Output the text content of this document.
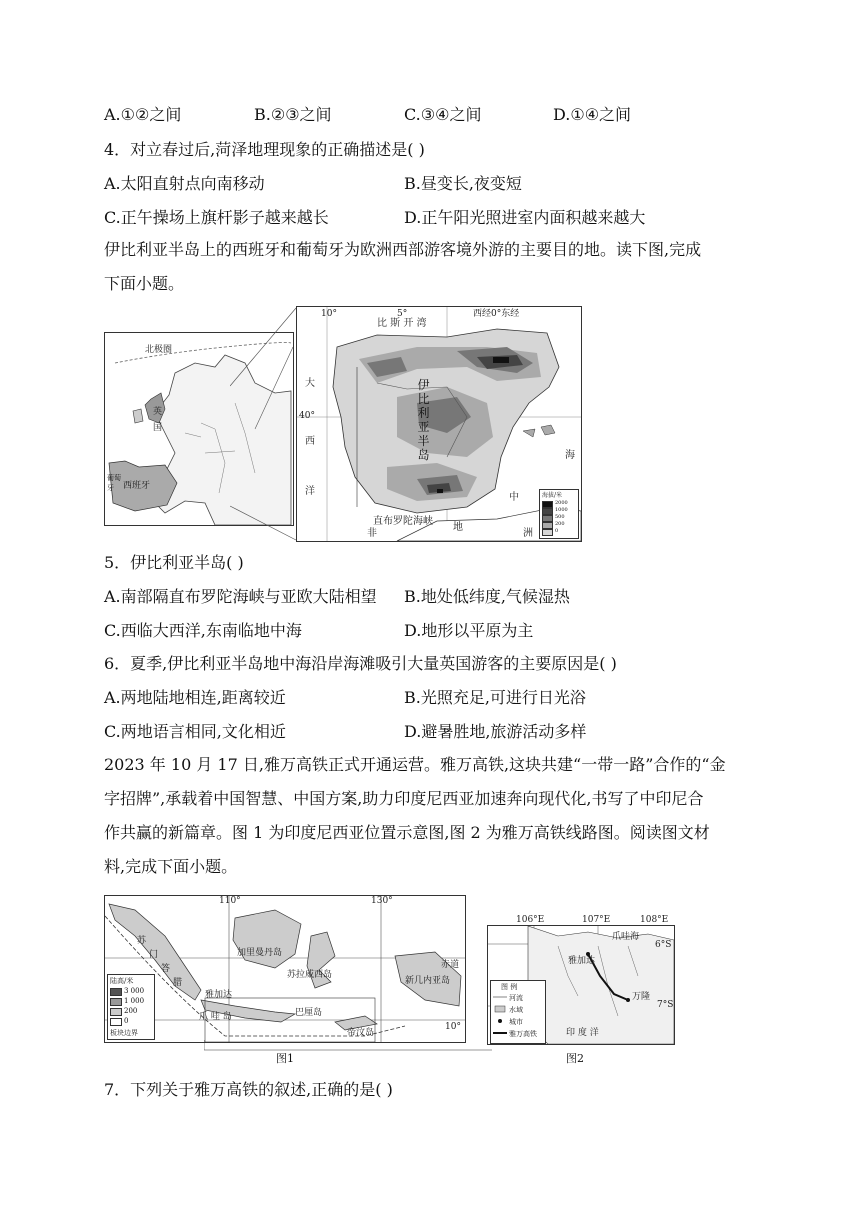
A.①②之间	B.②③之间	C.③④之间	D.①④之间
4．对立春过后,菏泽地理现象的正确描述是( )
A.太阳直射点向南移动	B.昼变长,夜变短
C.正午操场上旗杆影子越来越长	D.正午阳光照进室内面积越来越大
伊比利亚半岛上的西班牙和葡萄牙为欧洲西部游客境外游的主要目的地。读下图,完成
下面小题。
北极圈
英
国
葡萄牙	西班牙
10°	5°	西经0°东经
40°
比 斯 开 湾
伊
比
利
亚
半
岛
大
西
洋
中
海
非
地
洲
直布罗陀海峡
海拔/米
2000
1000
500
200
0
5．伊比利亚半岛( )
A.南部隔直布罗陀海峡与亚欧大陆相望 B.地处低纬度,气候湿热
C.西临大西洋,东南临地中海	D.地形以平原为主
6．夏季,伊比利亚半岛地中海沿岸海滩吸引大量英国游客的主要原因是( )
A.两地陆地相连,距离较近	B.光照充足,可进行日光浴
C.两地语言相同,文化相近	D.避暑胜地,旅游活动多样
2023 年 10 月 17 日,雅万高铁正式开通运营。雅万高铁,这块共建“一带一路”合作的“金
字招牌”,承载着中国智慧、中国方案,助力印度尼西亚加速奔向现代化,书写了中印尼合
作共赢的新篇章。图 1 为印度尼西亚位置示意图,图 2 为雅万高铁线路图。阅读图文材
料,完成下面小题。
110°	130°
10°
赤道
加里曼丹岛
苏拉威西岛
雅加达
爪 哇 岛	巴厘岛
帝汶岛
新几内亚岛
苏
门
答
腊
陆高/米
3 000
1 000
200
0
板块边界
图1
爪哇海
雅加达
万隆
印 度 洋
图 例
河流
水域
城市
雅万高铁
106°E	107°E	108°E
6°S
7°S
图2
7．下列关于雅万高铁的叙述,正确的是( )
